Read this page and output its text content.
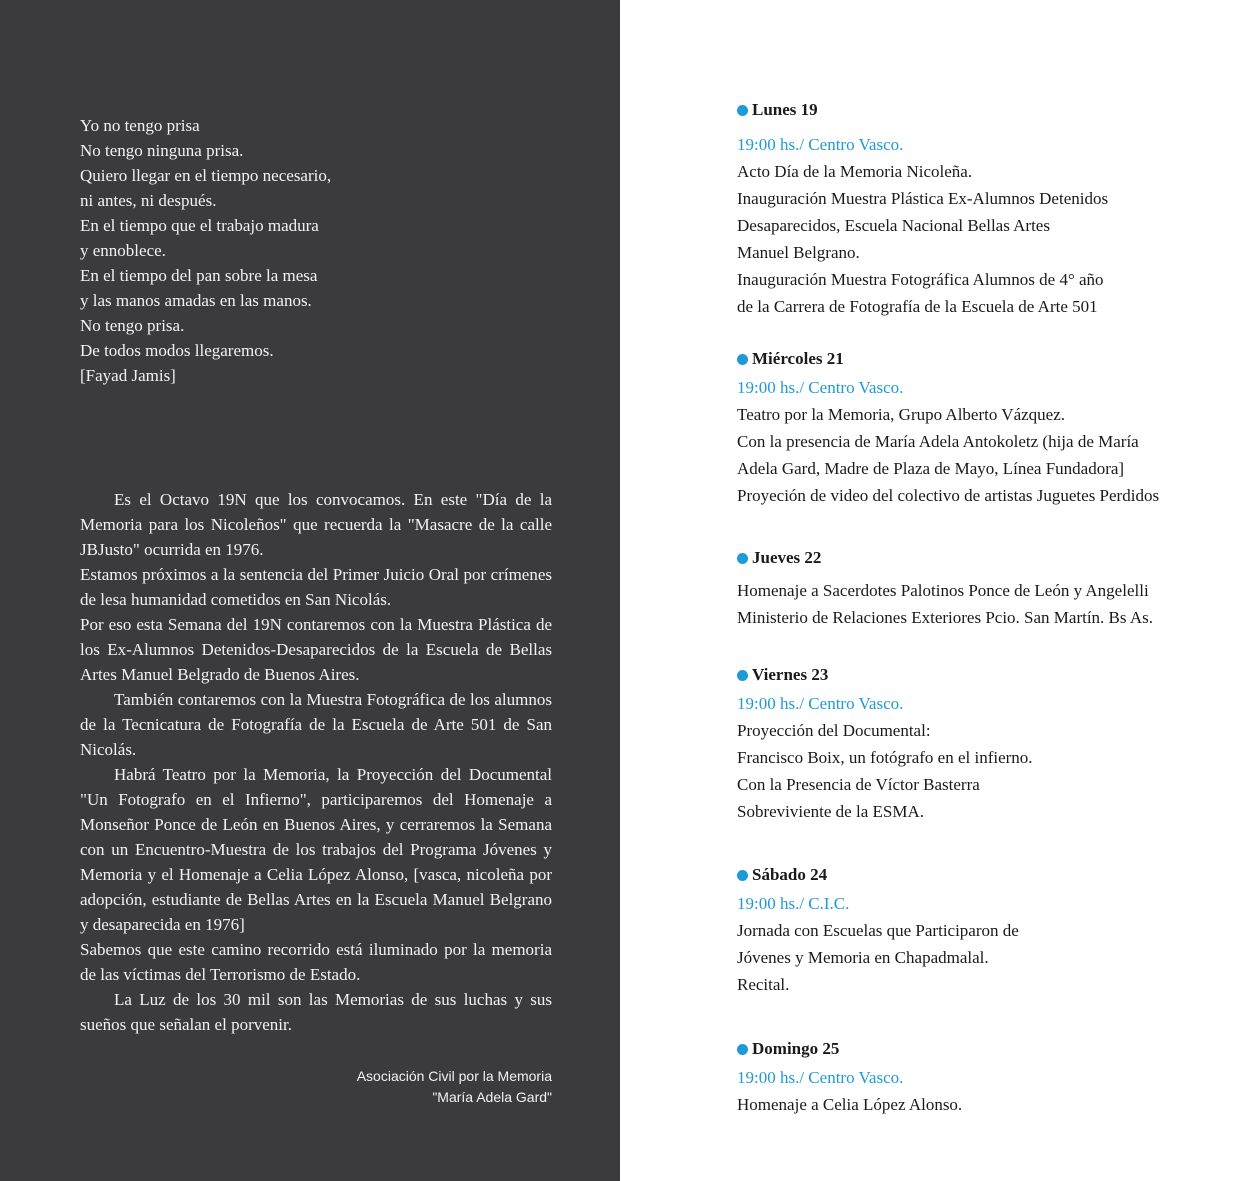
Yo no tengo prisa
No tengo ninguna prisa.
Quiero llegar en el tiempo necesario,
ni antes, ni después.
En el tiempo que el trabajo madura
y ennoblece.
En el tiempo del pan sobre la mesa
y las manos amadas en las manos.
No tengo prisa.
De todos modos llegaremos.
[Fayad Jamis]

Es el Octavo 19N que los convocamos. En este "Día de la Memoria para los Nicoleños" que recuerda la "Masacre de la calle JBJusto" ocurrida en 1976.

Estamos próximos a la sentencia del Primer Juicio Oral por crímenes de lesa humanidad cometidos en San Nicolás.

Por eso esta Semana del 19N contaremos con la Muestra Plástica de los Ex-Alumnos Detenidos-Desaparecidos de la Escuela de Bellas Artes Manuel Belgrado de Buenos Aires.

También contaremos con la Muestra Fotográfica de los alumnos de la Tecnicatura de Fotografía de la Escuela de Arte 501 de San Nicolás.

Habrá Teatro por la Memoria, la Proyección del Documental "Un Fotografo en el Infierno", participaremos del Homenaje a Monseñor Ponce de León en Buenos Aires, y cerraremos la Semana con un Encuentro-Muestra de los trabajos del Programa Jóvenes y Memoria y el Homenaje a Celia López Alonso, [vasca, nicoleña por adopción, estudiante de Bellas Artes en la Escuela Manuel Belgrano y desaparecida en 1976]

Sabemos que este camino recorrido está iluminado por la memoria de las víctimas del Terrorismo de Estado.

La Luz de los 30 mil son las Memorias de sus luchas y sus sueños que señalan el porvenir.

Asociación Civil por la Memoria
"María Adela Gard"
Lunes 19
19:00 hs./ Centro Vasco.
Acto Día de la Memoria Nicoleña.
Inauguración Muestra Plástica Ex-Alumnos Detenidos
Desaparecidos, Escuela Nacional Bellas Artes
Manuel Belgrano.
Inauguración Muestra Fotográfica Alumnos de 4° año
de la Carrera de Fotografía de la Escuela de Arte 501
Miércoles 21
19:00 hs./ Centro Vasco.
Teatro por la Memoria, Grupo Alberto Vázquez.
Con la presencia de María Adela Antokoletz (hija de María
Adela Gard, Madre de Plaza de Mayo, Línea Fundadora]
Proyeción de video del colectivo de artistas Juguetes Perdidos
Jueves 22
Homenaje a Sacerdotes Palotinos Ponce de León y Angelelli
Ministerio de Relaciones Exteriores Pcio. San Martín. Bs As.
Viernes 23
19:00 hs./ Centro Vasco.
Proyección del Documental:
Francisco Boix, un fotógrafo en el infierno.
Con la Presencia de Víctor Basterra
Sobreviviente de la ESMA.
Sábado 24
19:00 hs./ C.I.C.
Jornada con Escuelas que Participaron de
Jóvenes y Memoria en Chapadmalal.
Recital.
Domingo 25
19:00 hs./ Centro Vasco.
Homenaje a Celia López Alonso.
